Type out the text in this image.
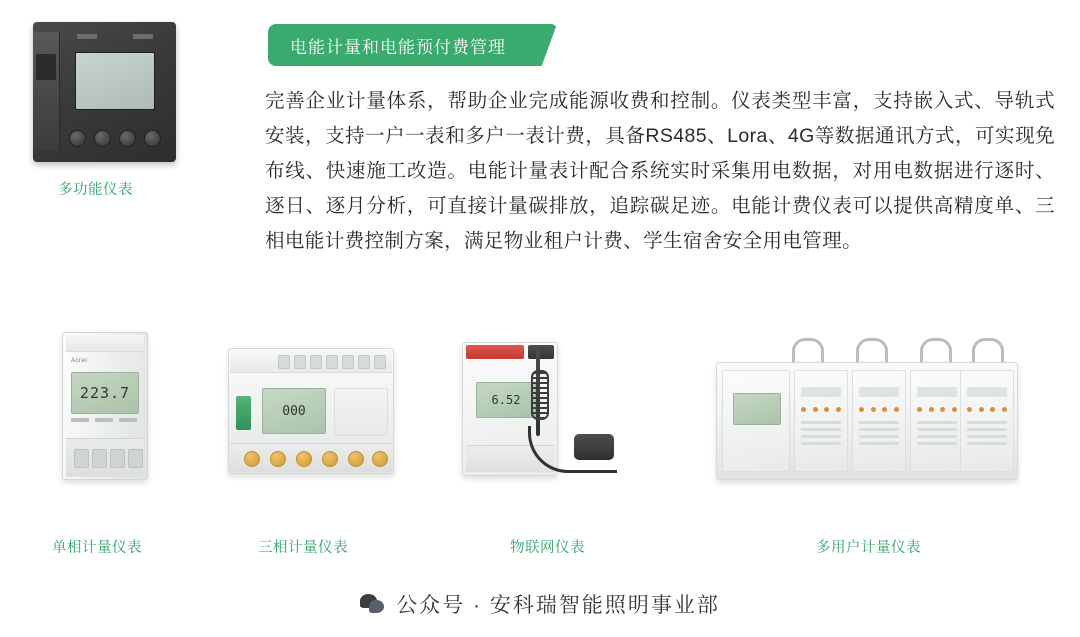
电能计量和电能预付费管理
完善企业计量体系，帮助企业完成能源收费和控制。仪表类型丰富，支持嵌入式、导轨式安装，支持一户一表和多户一表计费，具备RS485、Lora、4G等数据通讯方式，可实现免布线、快速施工改造。电能计量表计配合系统实时采集用电数据，对用电数据进行逐时、逐日、逐月分析，可直接计量碳排放，追踪碳足迹。电能计费仪表可以提供高精度单、三相电能计费控制方案，满足物业租户计费、学生宿舍安全用电管理。
多功能仪表
Acrel
223.7
单相计量仪表
000
三相计量仪表
6.52
物联网仪表	多用户计量仪表
公众号 · 安科瑞智能照明事业部
